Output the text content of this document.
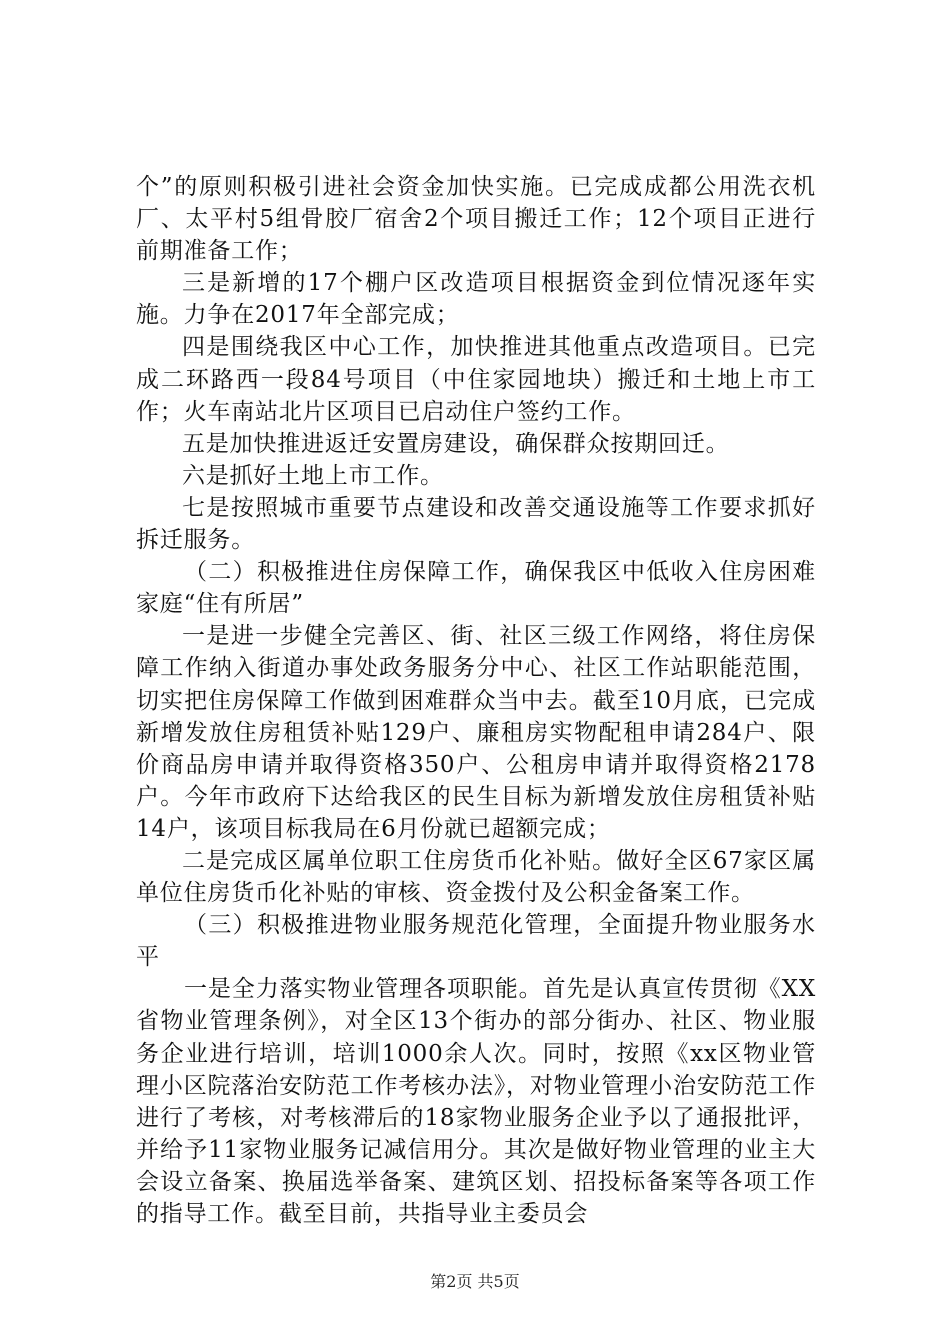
个”的原则积极引进社会资金加快实施。已完成成都公用洗衣机厂、太平村5组骨胶厂宿舍2个项目搬迁工作；12个项目正进行前期准备工作；

三是新增的17个棚户区改造项目根据资金到位情况逐年实施。力争在2017年全部完成；

四是围绕我区中心工作，加快推进其他重点改造项目。已完成二环路西一段84号项目（中住家园地块）搬迁和土地上市工作；火车南站北片区项目已启动住户签约工作。

五是加快推进返迁安置房建设，确保群众按期回迁。

六是抓好土地上市工作。

七是按照城市重要节点建设和改善交通设施等工作要求抓好拆迁服务。

（二）积极推进住房保障工作，确保我区中低收入住房困难家庭“住有所居”

一是进一步健全完善区、街、社区三级工作网络，将住房保障工作纳入街道办事处政务服务分中心、社区工作站职能范围，切实把住房保障工作做到困难群众当中去。截至10月底，已完成新增发放住房租赁补贴129户、廉租房实物配租申请284户、限价商品房申请并取得资格350户、公租房申请并取得资格2178户。今年市政府下达给我区的民生目标为新增发放住房租赁补贴14户，该项目标我局在6月份就已超额完成；

二是完成区属单位职工住房货币化补贴。做好全区67家区属单位住房货币化补贴的审核、资金拨付及公积金备案工作。

（三）积极推进物业服务规范化管理，全面提升物业服务水平

一是全力落实物业管理各项职能。首先是认真宣传贯彻《XX省物业管理条例》，对全区13个街办的部分街办、社区、物业服务企业进行培训，培训1000余人次。同时，按照《xx区物业管理小区院落治安防范工作考核办法》，对物业管理小治安防范工作进行了考核，对考核滞后的18家物业服务企业予以了通报批评，并给予11家物业服务记减信用分。其次是做好物业管理的业主大会设立备案、换届选举备案、建筑区划、招投标备案等各项工作的指导工作。截至目前，共指导业主委员会

第2页 共5页
